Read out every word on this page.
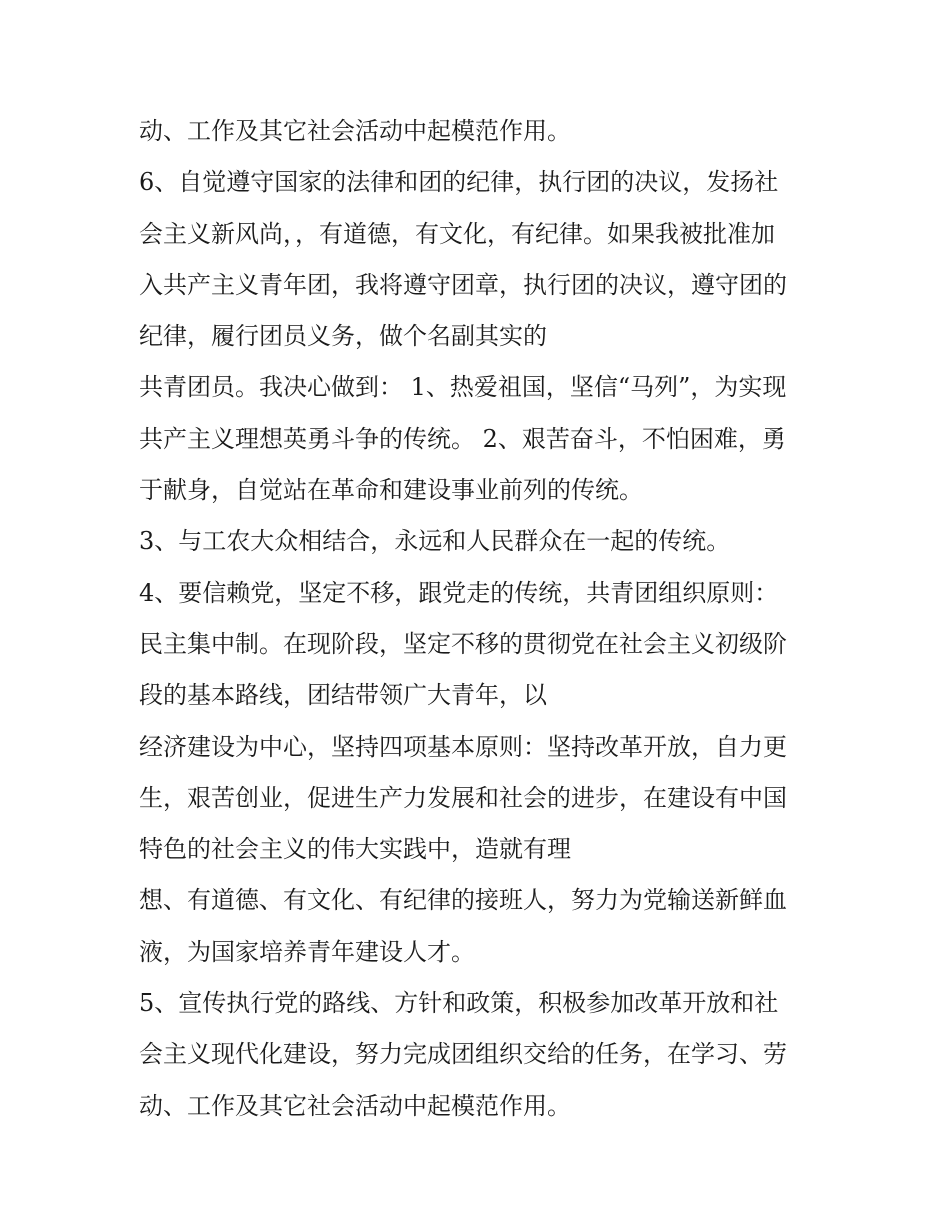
动、工作及其它社会活动中起模范作用。
6、自觉遵守国家的法律和团的纪律，执行团的决议，发扬社
会主义新风尚，，有道德，有文化，有纪律。如果我被批准加
入共产主义青年团，我将遵守团章，执行团的决议，遵守团的
纪律，履行团员义务，做个名副其实的
共青团员。我决心做到： 1、热爱祖国，坚信“马列”，为实现
共产主义理想英勇斗争的传统。 2、艰苦奋斗，不怕困难，勇
于献身，自觉站在革命和建设事业前列的传统。
3、与工农大众相结合，永远和人民群众在一起的传统。
4、要信赖党，坚定不移，跟党走的传统，共青团组织原则：
民主集中制。在现阶段，坚定不移的贯彻党在社会主义初级阶
段的基本路线，团结带领广大青年，以
经济建设为中心，坚持四项基本原则：坚持改革开放，自力更
生，艰苦创业，促进生产力发展和社会的进步，在建设有中国
特色的社会主义的伟大实践中，造就有理
想、有道德、有文化、有纪律的接班人，努力为党输送新鲜血
液，为国家培养青年建设人才。
5、宣传执行党的路线、方针和政策，积极参加改革开放和社
会主义现代化建设，努力完成团组织交给的任务，在学习、劳
动、工作及其它社会活动中起模范作用。
